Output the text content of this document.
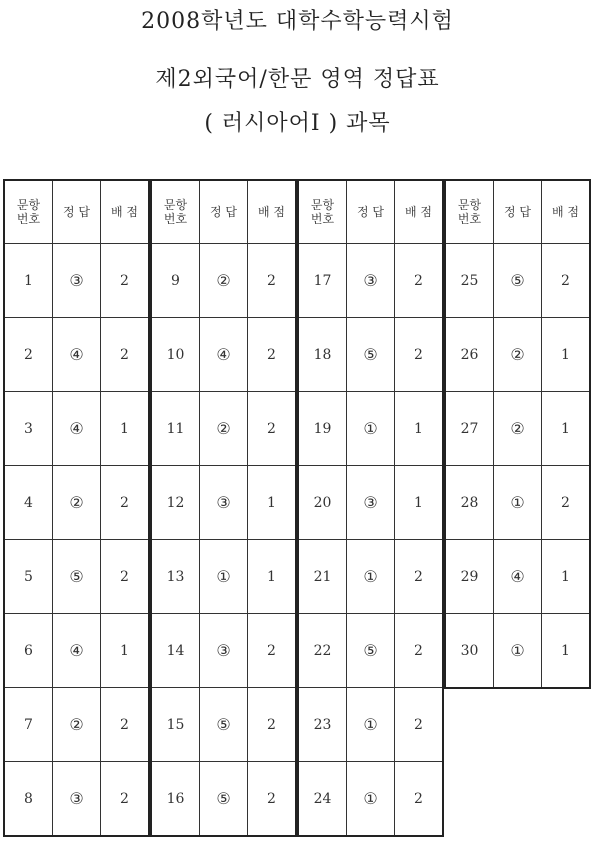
2008학년도 대학수학능력시험
제2외국어/한문 영역 정답표
( 러시아어Ⅰ ) 과목
문항
번호	정 답	배 점
1	③	2
2	④	2
3	④	1
4	②	2
5	⑤	2
6	④	1
7	②	2
8	③	2
문항
번호	정 답	배 점
9	②	2
10	④	2
11	②	2
12	③	1
13	①	1
14	③	2
15	⑤	2
16	⑤	2
문항
번호	정 답	배 점
17	③	2
18	⑤	2
19	①	1
20	③	1
21	①	2
22	⑤	2
23	①	2
24	①	2
문항
번호	정 답	배 점
25	⑤	2
26	②	1
27	②	1
28	①	2
29	④	1
30	①	1
